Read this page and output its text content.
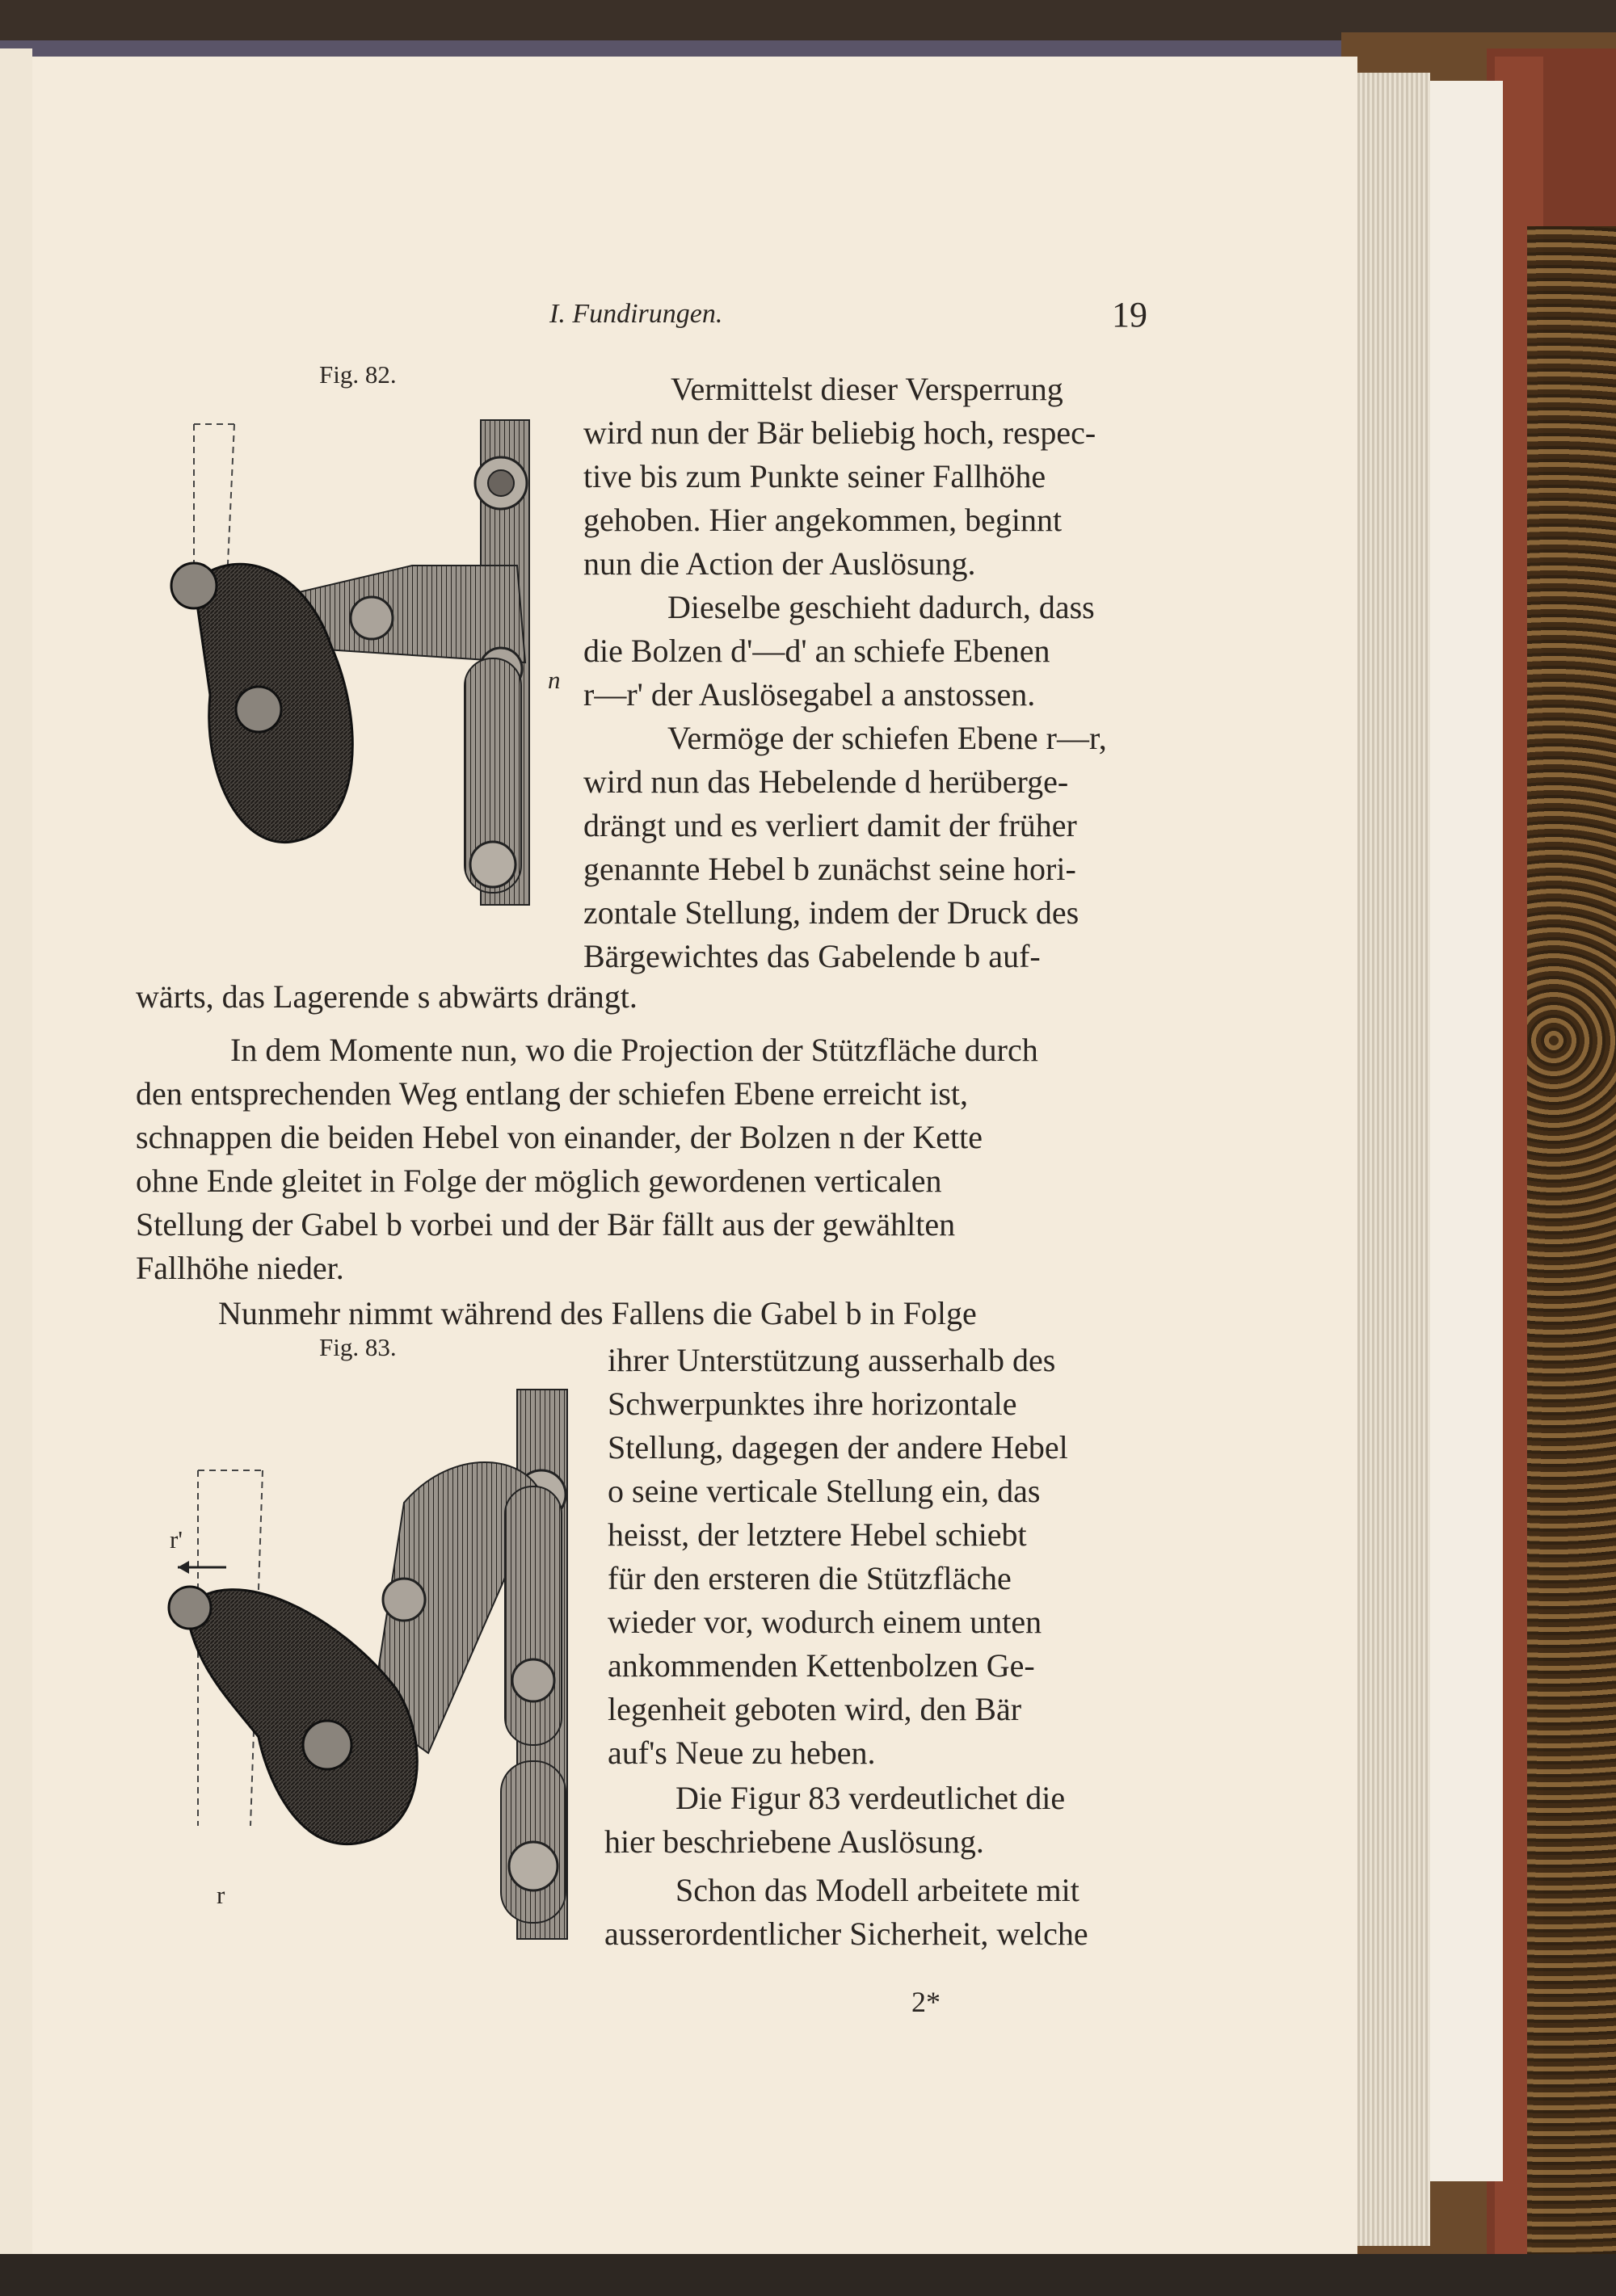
I. Fundirungen.	19
Fig. 82.
n
Vermittelst dieser Versperrung
wird nun der Bär beliebig hoch, respec-
tive bis zum Punkte seiner Fallhöhe
gehoben. Hier angekommen, beginnt
nun die Action der Auslösung.
Dieselbe geschieht dadurch, dass
die Bolzen d'—d' an schiefe Ebenen
r—r' der Auslösegabel a anstossen.
Vermöge der schiefen Ebene r—r,
wird nun das Hebelende d herüberge-
drängt und es verliert damit der früher
genannte Hebel b zunächst seine hori-
zontale Stellung, indem der Druck des
Bärgewichtes das Gabelende b auf-
wärts, das Lagerende s abwärts drängt.
In dem Momente nun, wo die Projection der Stützfläche durch
den entsprechenden Weg entlang der schiefen Ebene erreicht ist,
schnappen die beiden Hebel von einander, der Bolzen n der Kette
ohne Ende gleitet in Folge der möglich gewordenen verticalen
Stellung der Gabel b vorbei und der Bär fällt aus der gewählten
Fallhöhe nieder.
Nunmehr nimmt während des Fallens die Gabel b in Folge
Fig. 83.
r'
r
ihrer Unterstützung ausserhalb des
Schwerpunktes ihre horizontale
Stellung, dagegen der andere Hebel
o seine verticale Stellung ein, das
heisst, der letztere Hebel schiebt
für den ersteren die Stützfläche
wieder vor, wodurch einem unten
ankommenden Kettenbolzen Ge-
legenheit geboten wird, den Bär
auf's Neue zu heben.
Die Figur 83 verdeutlichet die
hier beschriebene Auslösung.
Schon das Modell arbeitete mit
ausserordentlicher Sicherheit, welche
2*
